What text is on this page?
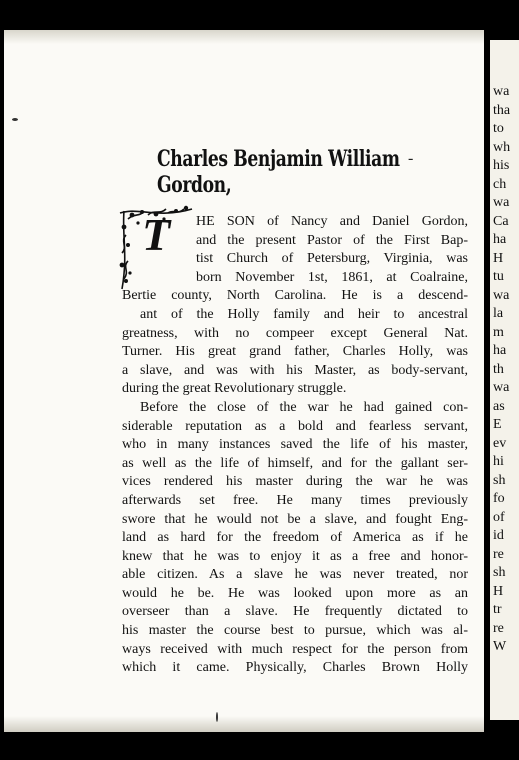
wa
tha
to
wh
his
ch
wa
Ca
ha
H
tu
wa
la
m
ha
th
wa
as
E
ev
hi
sh
fo
of
id
re
sh
H
tr
re
W
Charles Benjamin William Gordon,
-
T	HE SON of Nancy and Daniel Gordon,
and the present Pastor of the First Bap-
tist Church of Petersburg, Virginia, was
born November 1st, 1861, at Coalraine,
Bertie county, North Carolina. He is a descend-
ant of the Holly family and heir to ancestral
greatness, with no compeer except General Nat.
Turner. His great grand father, Charles Holly, was
a slave, and was with his Master, as body-servant,
during the great Revolutionary struggle.
Before the close of the war he had gained con-
siderable reputation as a bold and fearless servant,
who in many instances saved the life of his master,
as well as the life of himself, and for the gallant ser-
vices rendered his master during the war he was
afterwards set free. He many times previously
swore that he would not be a slave, and fought Eng-
land as hard for the freedom of America as if he
knew that he was to enjoy it as a free and honor-
able citizen. As a slave he was never treated, nor
would he be. He was looked upon more as an
overseer than a slave. He frequently dictated to
his master the course best to pursue, which was al-
ways received with much respect for the person from
which it came. Physically, Charles Brown Holly
